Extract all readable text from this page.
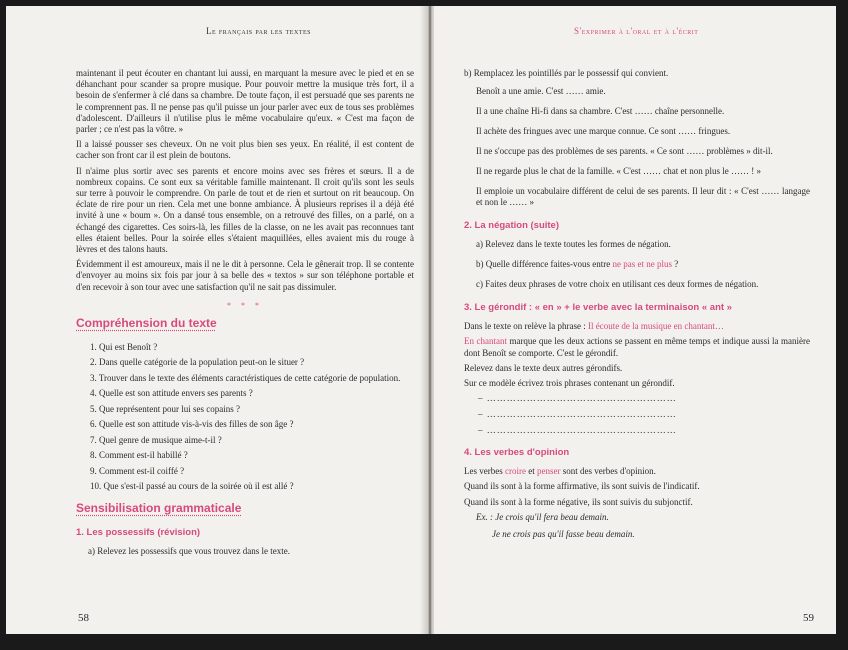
Le français par les textes

maintenant il peut écouter en chantant lui aussi, en marquant la mesure avec le pied et en se déhanchant pour scander sa propre musique. Pour pouvoir mettre la musique très fort, il a besoin de s'enfermer à clé dans sa chambre. De toute façon, il est persuadé que ses parents ne le comprennent pas. Il ne pense pas qu'il puisse un jour parler avec eux de tous ses problèmes d'adolescent. D'ailleurs il n'utilise plus le même vocabulaire qu'eux. « C'est ma façon de parler ; ce n'est pas la vôtre. »

Il a laissé pousser ses cheveux. On ne voit plus bien ses yeux. En réalité, il est content de cacher son front car il est plein de boutons.

Il n'aime plus sortir avec ses parents et encore moins avec ses frères et sœurs. Il a de nombreux copains. Ce sont eux sa véritable famille maintenant. Il croit qu'ils sont les seuls sur terre à pouvoir le comprendre. On parle de tout et de rien et surtout on rit beaucoup. On éclate de rire pour un rien. Cela met une bonne ambiance. À plusieurs reprises il a déjà été invité à une « boum ». On a dansé tous ensemble, on a retrouvé des filles, on a parlé, on a échangé des cigarettes. Ces soirs-là, les filles de la classe, on ne les avait pas reconnues tant elles étaient belles. Pour la soirée elles s'étaient maquillées, elles avaient mis du rouge à lèvres et des talons hauts.

Évidemment il est amoureux, mais il ne le dit à personne. Cela le gênerait trop. Il se contente d'envoyer au moins six fois par jour à sa belle des « textos » sur son téléphone portable et d'en recevoir à son tour avec une satisfaction qu'il ne sait pas dissimuler.

* * *
Compréhension du texte
1. Qui est Benoît ?
2. Dans quelle catégorie de la population peut-on le situer ?
3. Trouver dans le texte des éléments caractéristiques de cette catégorie de population.
4. Quelle est son attitude envers ses parents ?
5. Que représentent pour lui ses copains ?
6. Quelle est son attitude vis-à-vis des filles de son âge ?
7. Quel genre de musique aime-t-il ?
8. Comment est-il habillé ?
9. Comment est-il coiffé ?
10. Que s'est-il passé au cours de la soirée où il est allé ?
Sensibilisation grammaticale
1. Les possessifs (révision)

a) Relevez les possessifs que vous trouvez dans le texte.

58
S'exprimer à l'oral et à l'écrit

b) Remplacez les pointillés par le possessif qui convient.

Benoît a une amie. C'est …… amie.

Il a une chaîne Hi-fi dans sa chambre. C'est …… chaîne personnelle.

Il achète des fringues avec une marque connue. Ce sont …… fringues.

Il ne s'occupe pas des problèmes de ses parents. « Ce sont …… problèmes » dit-il.

Il ne regarde plus le chat de la famille. « C'est …… chat et non plus le …… ! »

Il emploie un vocabulaire différent de celui de ses parents. Il leur dit : « C'est …… langage et non le …… »

2. La négation (suite)

a) Relevez dans le texte toutes les formes de négation.

b) Quelle différence faites-vous entre ne pas et ne plus ?

c) Faites deux phrases de votre choix en utilisant ces deux formes de négation.

3. Le gérondif : « en » + le verbe avec la terminaison « ant »

Dans le texte on relève la phrase : Il écoute de la musique en chantant…

En chantant marque que les deux actions se passent en même temps et indique aussi la manière dont Benoît se comporte. C'est le gérondif.

Relevez dans le texte deux autres gérondifs.

Sur ce modèle écrivez trois phrases contenant un gérondif.

– …………………………………………………
– …………………………………………………
– …………………………………………………
4. Les verbes d'opinion

Les verbes croire et penser sont des verbes d'opinion.

Quand ils sont à la forme affirmative, ils sont suivis de l'indicatif.

Quand ils sont à la forme négative, ils sont suivis du subjonctif.

Ex. : Je crois qu'il fera beau demain.

Je ne crois pas qu'il fasse beau demain.

59
